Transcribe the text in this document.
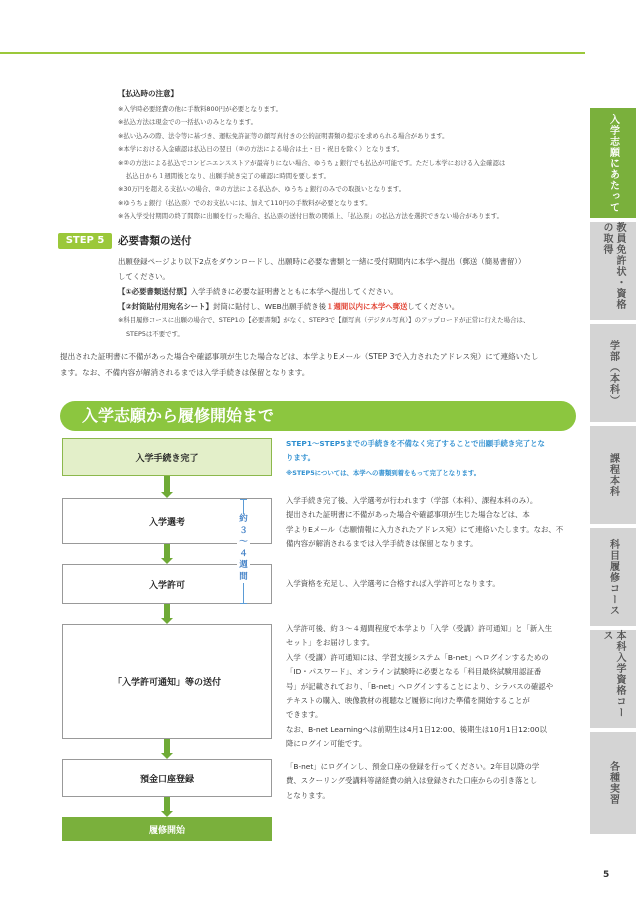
【払込時の注意】
※入学時必要経費の他に手数料800円が必要となります。
※払込方法は現金での一括払いのみとなります。
※払い込みの際、法令等に基づき、運転免許証等の顔写真付きの公的証明書類の提示を求められる場合があります。
※本学における入金確認は払込日の翌日（②の方法による場合は土・日・祝日を除く）となります。
※②の方法による払込でコンビニエンスストアが最寄りにない場合、ゆうちょ銀行でも払込が可能です。ただし本学における入金確認は
払込日から１週間後となり、出願手続き完了の確認に時間を要します。
※30万円を超える支払いの場合、②の方法による払込か、ゆうちょ銀行のみでの取扱いとなります。
※ゆうちょ銀行（払込票）でのお支払いには、加えて110円の手数料が必要となります。
※各入学受付期間の終了間際に出願を行った場合、払込票の送付日数の関係上、「払込票」の払込方法を選択できない場合があります。
STEP 5	必要書類の送付

出願登録ページより以下2点をダウンロードし、出願時に必要な書類と一緒に受付期間内に本学へ提出（郵送（簡易書留））

してください。

【①必要書類送付票】入学手続きに必要な証明書とともに本学へ提出してください。

【②封筒貼付用宛名シート】封筒に貼付し、WEB出願手続き後１週間以内に本学へ郵送してください。

※科目履修コースに出願の場合で、STEP1の【必要書類】がなく、STEP3で【顔写真（デジタル写真）】のアップロードが正常に行えた場合は、

STEP5は不要です。

提出された証明書に不備があった場合や確認事項が生じた場合などは、本学よりEメール（STEP 3で入力されたアドレス宛）にて連絡いたし
ます。なお、不備内容が解消されるまでは入学手続きは保留となります。
入学志願から履修開始まで
入学手続き完了
入学選考
入学許可
「入学許可通知」等の送付
預金口座登録
履修開始
約
３
〜
４
週
間
STEP1〜STEP5までの手続きを不備なく完了することで出願手続き完了とな
ります。
※STEP5については、本学への書類到着をもって完了となります。
入学手続き完了後、入学選考が行われます（学部（本科）、課程本科のみ）。
提出された証明書に不備があった場合や確認事項が生じた場合などは、本
学よりEメール（志願情報に入力されたアドレス宛）にて連絡いたします。なお、不
備内容が解消されるまでは入学手続きは保留となります。
入学資格を充足し、入学選考に合格すれば入学許可となります。
入学許可後、約３〜４週間程度で本学より「入学（受講）許可通知」と「新入生
セット」をお届けします。
入学（受講）許可通知には、学習支援システム「B-net」へログインするための
「ID・パスワード」、オンライン試験時に必要となる「科目最終試験用認証番
号」が記載されており、「B-net」へログインすることにより、シラバスの確認や
テキストの購入、映像教材の視聴など履修に向けた準備を開始することが
できます。
なお、B-net Learningへは前期生は4月1日12:00、後期生は10月1日12:00以
降にログイン可能です。
「B-net」にログインし、預金口座の登録を行ってください。2年目以降の学
費、スクーリング受講料等諸経費の納入は登録された口座からの引き落とし
となります。
入学志願にあたって
教員免許状・資格の取得
学部（本科）
課程本科
科目履修コース
本科入学資格コース
各種実習
5
